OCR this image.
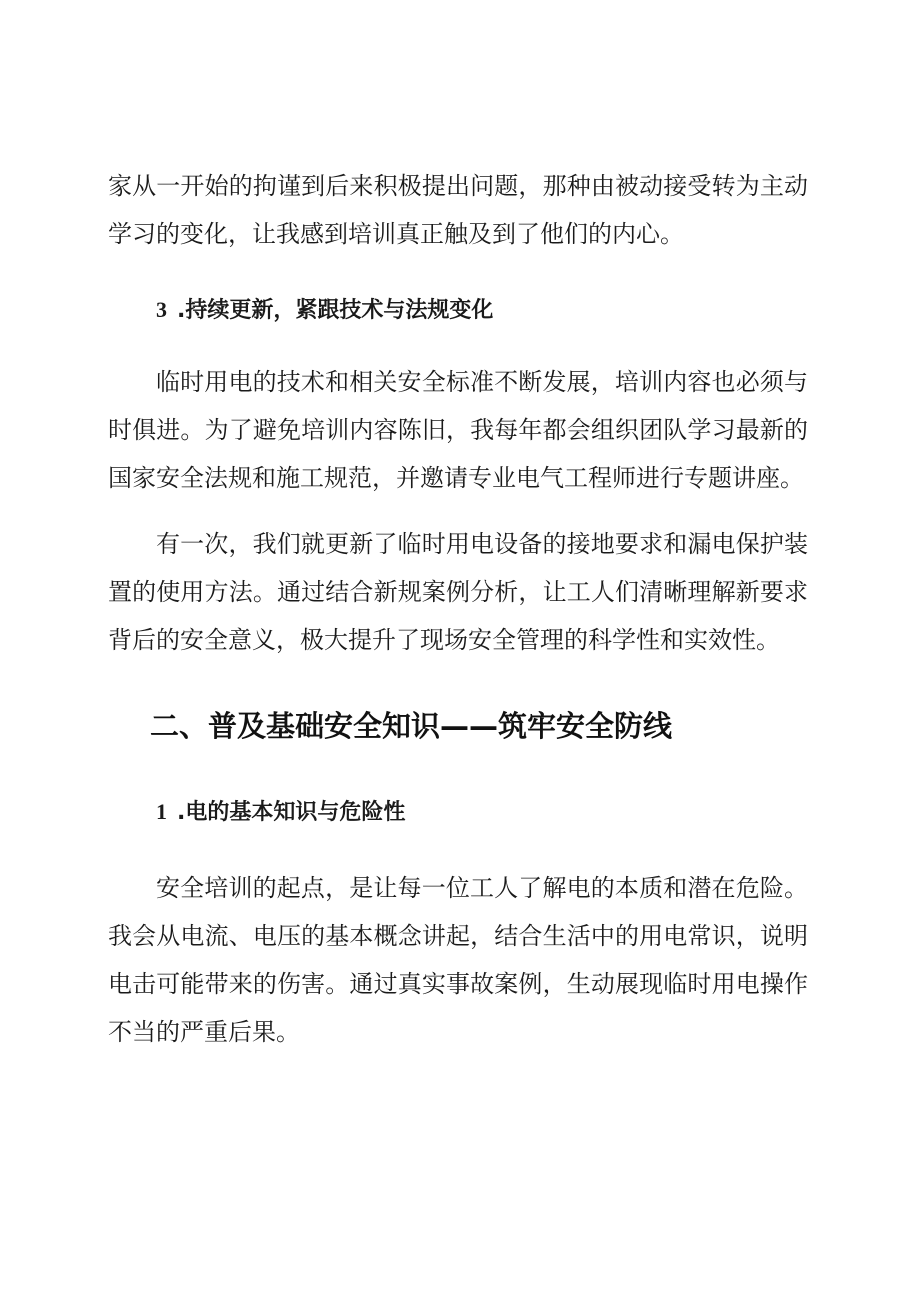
家从一开始的拘谨到后来积极提出问题，那种由被动接受转为主动学习的变化，让我感到培训真正触及到了他们的内心。

3 .持续更新，紧跟技术与法规变化

临时用电的技术和相关安全标准不断发展，培训内容也必须与时俱进。为了避免培训内容陈旧，我每年都会组织团队学习最新的国家安全法规和施工规范，并邀请专业电气工程师进行专题讲座。

有一次，我们就更新了临时用电设备的接地要求和漏电保护装置的使用方法。通过结合新规案例分析，让工人们清晰理解新要求背后的安全意义，极大提升了现场安全管理的科学性和实效性。

二、普及基础安全知识——筑牢安全防线
1 .电的基本知识与危险性

安全培训的起点，是让每一位工人了解电的本质和潜在危险。我会从电流、电压的基本概念讲起，结合生活中的用电常识，说明电击可能带来的伤害。通过真实事故案例，生动展现临时用电操作不当的严重后果。
